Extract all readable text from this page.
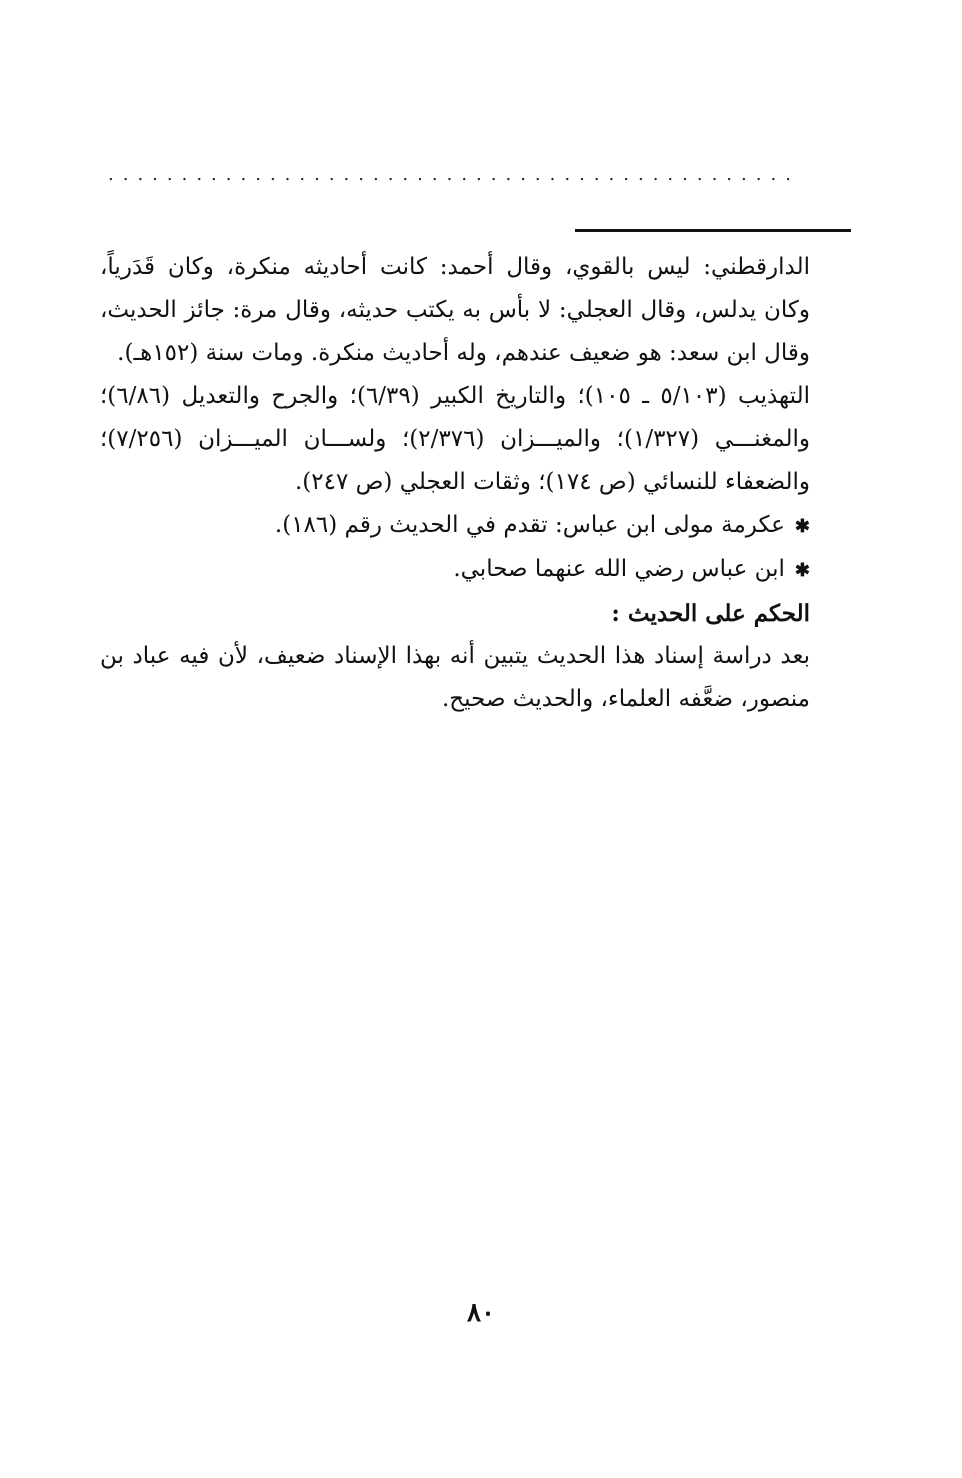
...............................................

الدارقطني: ليس بالقوي، وقال أحمد: كانت أحاديثه منكرة، وكان قَدَرياً، وكان يدلس، وقال العجلي: لا بأس به يكتب حديثه، وقال مرة: جائز الحديث، وقال ابن سعد: هو ضعيف عندهم، وله أحاديث منكرة. ومات سنة (١٥٢هـ).

التهذيب (٥/١٠٣ ـ ١٠٥)؛ والتاريخ الكبير (٦/٣٩)؛ والجرح والتعديل (٦/٨٦)؛ والمغنـــي (١/٣٢٧)؛ والميـــزان (٢/٣٧٦)؛ ولســـان الميـــزان (٧/٢٥٦)؛ والضعفاء للنسائي (ص ١٧٤)؛ وثقات العجلي (ص ٢٤٧).

✱عكرمة مولى ابن عباس: تقدم في الحديث رقم (١٨٦).

✱ابن عباس رضي الله عنهما صحابي.

الحكم على الحديث :

بعد دراسة إسناد هذا الحديث يتبين أنه بهذا الإسناد ضعيف، لأن فيه عباد بن منصور، ضعَّفه العلماء، والحديث صحيح.

٨٠
